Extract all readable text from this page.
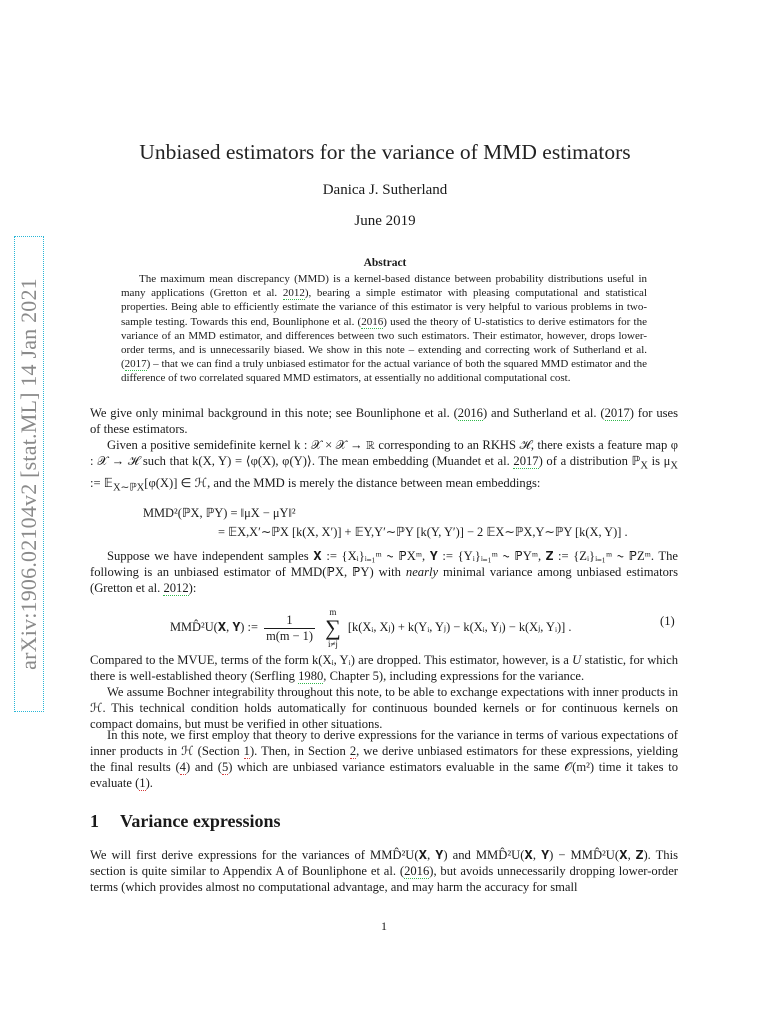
arXiv:1906.02104v2 [stat.ML] 14 Jan 2021
Unbiased estimators for the variance of MMD estimators
Danica J. Sutherland
June 2019
Abstract

The maximum mean discrepancy (MMD) is a kernel-based distance between probability distributions useful in many applications (Gretton et al. 2012), bearing a simple estimator with pleasing computational and statistical properties. Being able to efficiently estimate the variance of this estimator is very helpful to various problems in two-sample testing. Towards this end, Bounliphone et al. (2016) used the theory of U-statistics to derive estimators for the variance of an MMD estimator, and differences between two such estimators. Their estimator, however, drops lower-order terms, and is unnecessarily biased. We show in this note – extending and correcting work of Sutherland et al. (2017) – that we can find a truly unbiased estimator for the actual variance of both the squared MMD estimator and the difference of two correlated squared MMD estimators, at essentially no additional computational cost.

We give only minimal background in this note; see Bounliphone et al. (2016) and Sutherland et al. (2017) for uses of these estimators.

Given a positive semidefinite kernel k : 𝒳 × 𝒳 → ℝ corresponding to an RKHS ℋ, there exists a feature map φ : 𝒳 → ℋ such that k(X, Y) = ⟨φ(X), φ(Y)⟩. The mean embedding (Muandet et al. 2017) of a distribution ℙ$_X$ is $\mu_X$ := 𝔼$_{X\sim ℙX}$[φ(X)] ∈ ℋ, and the MMD is merely the distance between mean embeddings:

MMD²(ℙX, ℙY) = ‖μX − μY‖²
= 𝔼X,X′∼ℙX [k(X, X′)] + 𝔼Y,Y′∼ℙY [k(Y, Y′)] − 2 𝔼X∼ℙX,Y∼ℙY [k(X, Y)] .

Suppose we have independent samples 𝐗 := {Xᵢ}ᵢ₌₁ᵐ ∼ ℙXᵐ, 𝐘 := {Yᵢ}ᵢ₌₁ᵐ ∼ ℙYᵐ, 𝐙 := {Zᵢ}ᵢ₌₁ᵐ ∼ ℙZᵐ. The following is an unbiased estimator of MMD(ℙX, ℙY) with nearly minimal variance among unbiased estimators (Gretton et al. 2012):

MMD̂²U(𝐗, 𝐘) := $\frac{1}{m(m - 1)}$

m
∑
i≠j
[k(Xᵢ, Xⱼ) + k(Yᵢ, Yⱼ) − k(Xᵢ, Yⱼ) − k(Xⱼ, Yᵢ)] .	(1)

Compared to the MVUE, terms of the form k(Xᵢ, Yᵢ) are dropped. This estimator, however, is a U statistic, for which there is well-established theory (Serfling 1980, Chapter 5), including expressions for the variance.

We assume Bochner integrability throughout this note, to be able to exchange expectations with inner products in ℋ. This technical condition holds automatically for continuous bounded kernels or for continuous kernels on compact domains, but must be verified in other situations.

In this note, we first employ that theory to derive expressions for the variance in terms of various expectations of inner products in ℋ (Section 1). Then, in Section 2, we derive unbiased estimators for these expressions, yielding the final results (4) and (5) which are unbiased variance estimators evaluable in the same 𝒪(m²) time it takes to evaluate (1).

1 Variance expressions

We will first derive expressions for the variances of MMD̂²U(𝐗, 𝐘) and MMD̂²U(𝐗, 𝐘) − MMD̂²U(𝐗, 𝐙). This section is quite similar to Appendix A of Bounliphone et al. (2016), but avoids unnecessarily dropping lower-order terms (which provides almost no computational advantage, and may harm the accuracy for small

1
